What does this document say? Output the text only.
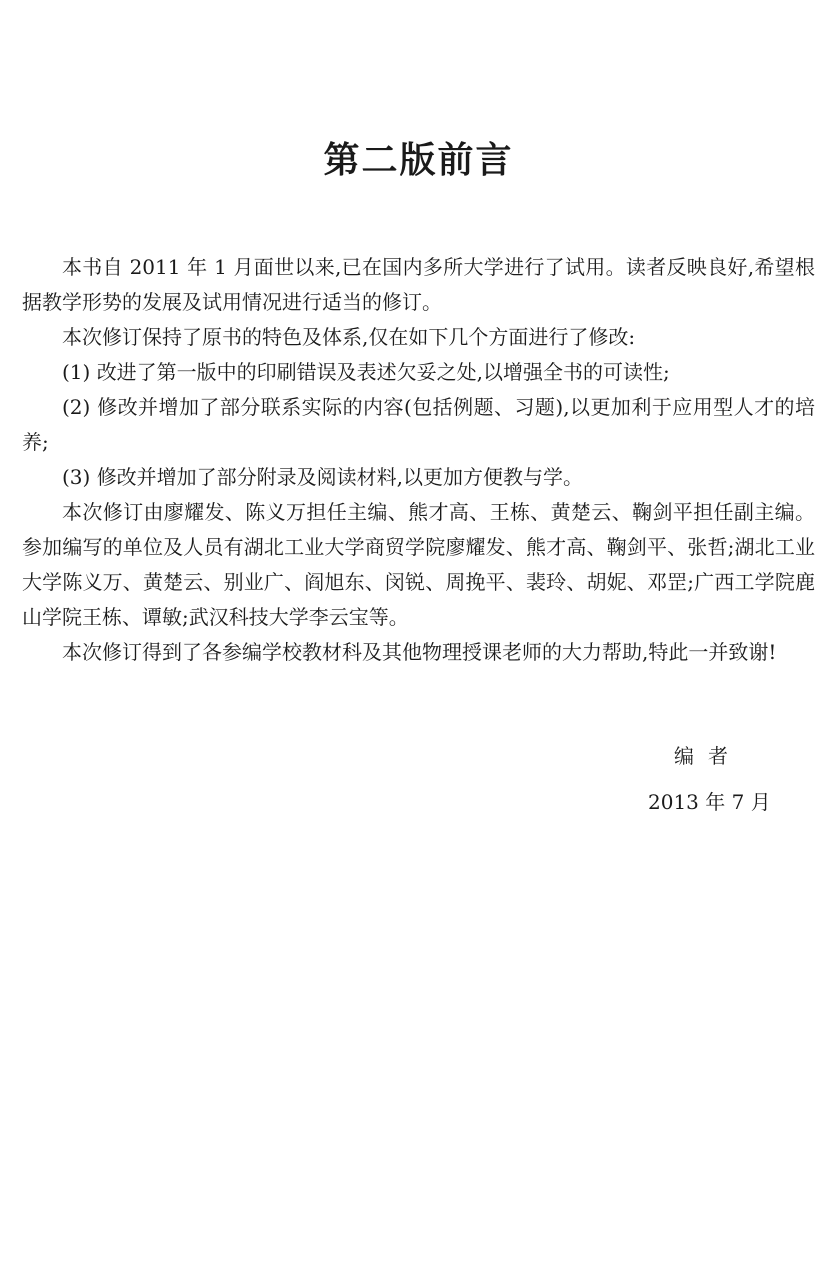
第二版前言

本书自 2011 年 1 月面世以来,已在国内多所大学进行了试用。读者反映良好,希望根据教学形势的发展及试用情况进行适当的修订。

本次修订保持了原书的特色及体系,仅在如下几个方面进行了修改:

(1) 改进了第一版中的印刷错误及表述欠妥之处,以增强全书的可读性;

(2) 修改并增加了部分联系实际的内容(包括例题、习题),以更加利于应用型人才的培养;

(3) 修改并增加了部分附录及阅读材料,以更加方便教与学。

本次修订由廖耀发、陈义万担任主编、熊才高、王栋、黄楚云、鞠剑平担任副主编。参加编写的单位及人员有湖北工业大学商贸学院廖耀发、熊才高、鞠剑平、张哲;湖北工业大学陈义万、黄楚云、别业广、阎旭东、闵锐、周挽平、裴玲、胡妮、邓罡;广西工学院鹿山学院王栋、谭敏;武汉科技大学李云宝等。

本次修订得到了各参编学校教材科及其他物理授课老师的大力帮助,特此一并致谢!

编者
2013 年 7 月
